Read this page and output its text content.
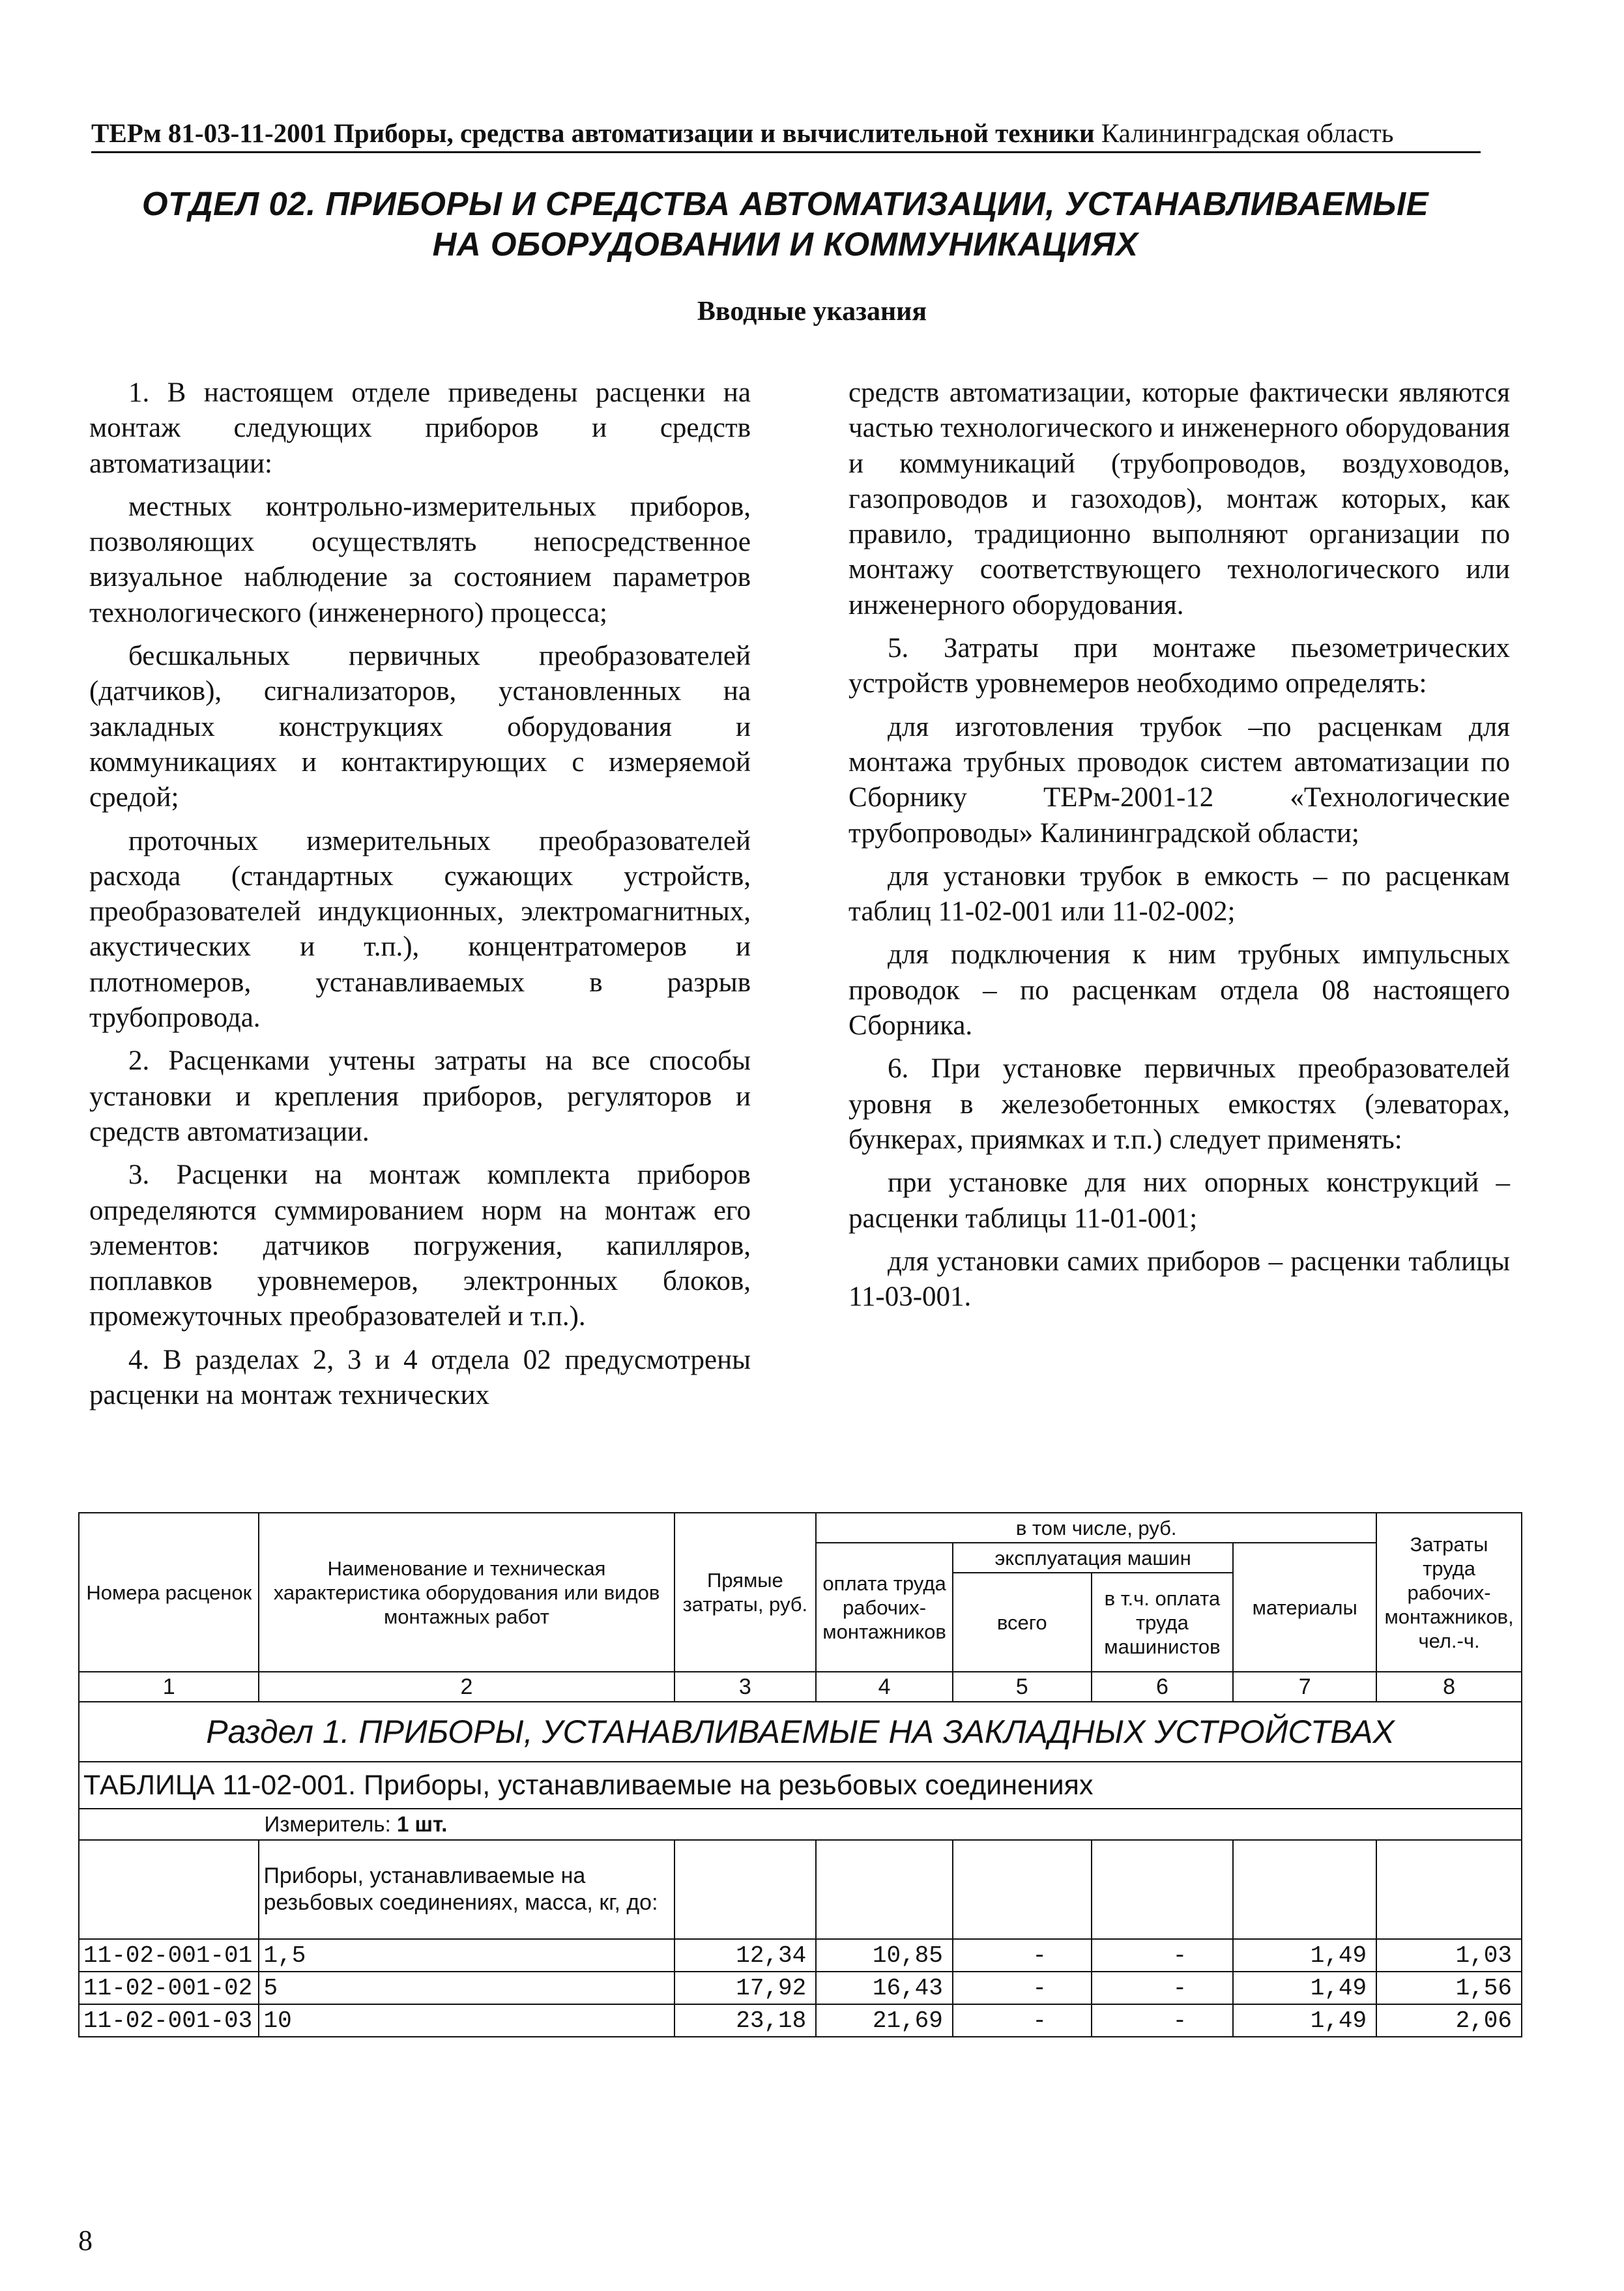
ТЕРм 81-03-11-2001 Приборы, средства автоматизации и вычислительной техники Калининградская область
ОТДЕЛ 02. ПРИБОРЫ И СРЕДСТВА АВТОМАТИЗАЦИИ, УСТАНАВЛИВАЕМЫЕ
НА ОБОРУДОВАНИИ И КОММУНИКАЦИЯХ
Вводные указания

1. В настоящем отделе приведены расценки на монтаж следующих приборов и средств автоматизации:

местных контрольно-измерительных приборов, позволяющих осуществлять непосредственное визуальное наблюдение за состоянием параметров технологического (инженерного) процесса;

бесшкальных первичных преобразователей (датчиков), сигнализаторов, установленных на закладных конструкциях оборудования и коммуникациях и контактирующих с измеряемой средой;

проточных измерительных преобразователей расхода (стандартных сужающих устройств, преобразователей индукционных, электромагнитных, акустических и т.п.), концентратомеров и плотномеров, устанавливаемых в разрыв трубопровода.

2. Расценками учтены затраты на все способы установки и крепления приборов, регуляторов и средств автоматизации.

3. Расценки на монтаж комплекта приборов определяются суммированием норм на монтаж его элементов: датчиков погружения, капилляров, поплавков уровнемеров, электронных блоков, промежуточных преобразователей и т.п.).

4. В разделах 2, 3 и 4 отдела 02 предусмотрены расценки на монтаж технических

средств автоматизации, которые фактически являются частью технологического и инженерного оборудования и коммуникаций (трубопроводов, воздуховодов, газопроводов и газоходов), монтаж которых, как правило, традиционно выполняют организации по монтажу соответствующего технологического или инженерного оборудования.

5. Затраты при монтаже пьезометрических устройств уровнемеров необходимо определять:

для изготовления трубок –по расценкам для монтажа трубных проводок систем автоматизации по Сборнику ТЕРм-2001-12 «Технологические трубопроводы» Калининградской области;

для установки трубок в емкость – по расценкам таблиц 11-02-001 или 11-02-002;

для подключения к ним трубных импульсных проводок – по расценкам отдела 08 настоящего Сборника.

6. При установке первичных преобразователей уровня в железобетонных емкостях (элеваторах, бункерах, приямках и т.п.) следует применять:

при установке для них опорных конструкций – расценки таблицы 11-01-001;

для установки самих приборов – расценки таблицы 11-03-001.

Номера расценок	Наименование и техническая характеристика оборудования или видов монтажных работ	Прямые затраты, руб.	в том числе, руб.				Затраты труда рабочих-монтажников, чел.-ч.
			оплата труда рабочих-монтажников	эксплуатация машин		материалы	
				всего	в т.ч. оплата труда машинистов		
1	2	3	4	5	6	7	8
Раздел 1. ПРИБОРЫ, УСТАНАВЛИВАЕМЫЕ НА ЗАКЛАДНЫХ УСТРОЙСТВАХ							
ТАБЛИЦА 11-02-001. Приборы, устанавливаемые на резьбовых соединениях							
	Измеритель: 1 шт.						
	Приборы, устанавливаемые на резьбовых соединениях, масса, кг, до:						
11-02-001-01	1,5	12,34	10,85	-	-	1,49	1,03
11-02-001-02	5	17,92	16,43	-	-	1,49	1,56
11-02-001-03	10	23,18	21,69	-	-	1,49	2,06
8
